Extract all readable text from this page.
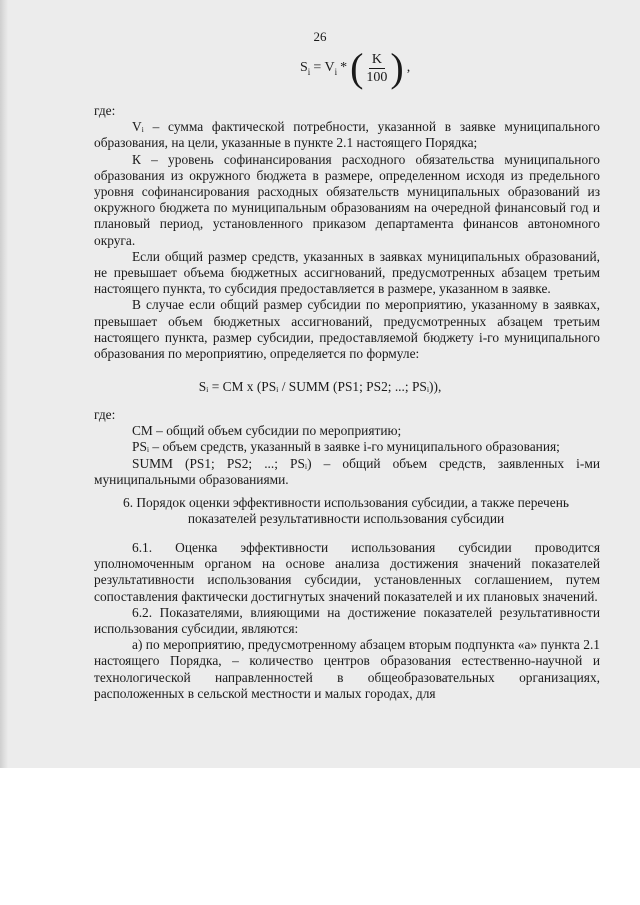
26
$S_i = V_i$ * ( $\frac{K}{100}$ ) ,

где:

Vᵢ – сумма фактической потребности, указанной в заявке муниципального образования, на цели, указанные в пункте 2.1 настоящего Порядка;

К – уровень софинансирования расходного обязательства муниципального образования из окружного бюджета в размере, определенном исходя из предельного уровня софинансирования расходных обязательств муниципальных образований из окружного бюджета по муниципальным образованиям на очередной финансовый год и плановый период, установленного приказом департамента финансов автономного округа.

Если общий размер средств, указанных в заявках муниципальных образований, не превышает объема бюджетных ассигнований, предусмотренных абзацем третьим настоящего пункта, то субсидия предоставляется в размере, указанном в заявке.

В случае если общий размер субсидии по мероприятию, указанному в заявках, превышает объем бюджетных ассигнований, предусмотренных абзацем третьим настоящего пункта, размер субсидии, предоставляемой бюджету i-го муниципального образования по мероприятию, определяется по формуле:

Sᵢ = CM x (PSᵢ / SUMM (PS1; PS2; ...; PSᵢ)),

где:

СМ – общий объем субсидии по мероприятию;

PSᵢ – объем средств, указанный в заявке i-го муниципального образования;

SUMM (PS1; PS2; ...; PSᵢ) – общий объем средств, заявленных i-ми муниципальными образованиями.

6. Порядок оценки эффективности использования субсидии, а также перечень показателей результативности использования субсидии

6.1. Оценка эффективности использования субсидии проводится уполномоченным органом на основе анализа достижения значений показателей результативности использования субсидии, установленных соглашением, путем сопоставления фактически достигнутых значений показателей и их плановых значений.

6.2. Показателями, влияющими на достижение показателей результативности использования субсидии, являются:

а) по мероприятию, предусмотренному абзацем вторым подпункта «а» пункта 2.1 настоящего Порядка, – количество центров образования естественно-научной и технологической направленностей в общеобразовательных организациях, расположенных в сельской местности и малых городах, для
